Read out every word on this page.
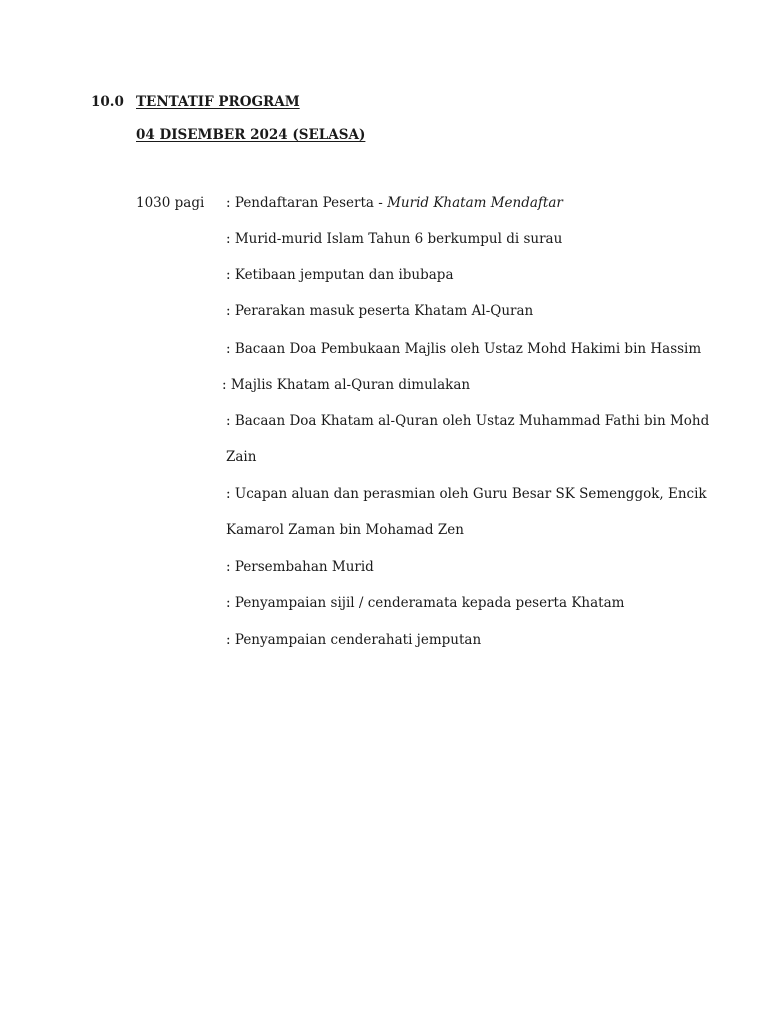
10.0 TENTATIF PROGRAM
04 DISEMBER 2024 (SELASA)
1030 pagi : Pendaftaran Peserta - Murid Khatam Mendaftar
: Murid-murid Islam Tahun 6 berkumpul di surau
: Ketibaan jemputan dan ibubapa
: Perarakan masuk peserta Khatam Al-Quran
: Bacaan Doa Pembukaan Majlis oleh Ustaz Mohd Hakimi bin Hassim
: Majlis Khatam al-Quran dimulakan
: Bacaan Doa Khatam al-Quran oleh Ustaz Muhammad Fathi bin Mohd
Zain
: Ucapan aluan dan perasmian oleh Guru Besar SK Semenggok, Encik
Kamarol Zaman bin Mohamad Zen
: Persembahan Murid
: Penyampaian sijil / cenderamata kepada peserta Khatam
: Penyampaian cenderahati jemputan
